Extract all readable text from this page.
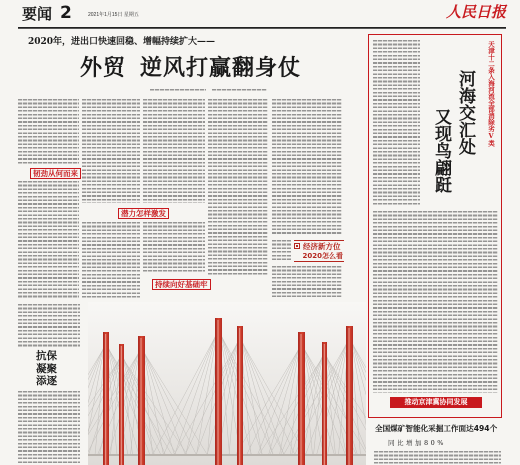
要闻 2	2021年1月15日 星期五	人民日报
2020年，进出口快速回稳、增幅持续扩大——
外贸 逆风打赢翻身仗
韧劲从何而来
潜力怎样激发
持续向好基础牢
经济新方位
2020怎么看
抗保
凝聚
添逐
天津十二条入海河流全部消除劣Ⅴ类
河海交汇处
又现鸟翩跹
推动京津冀协同发展
全国煤矿智能化采掘工作面达494个
同比增加80%
